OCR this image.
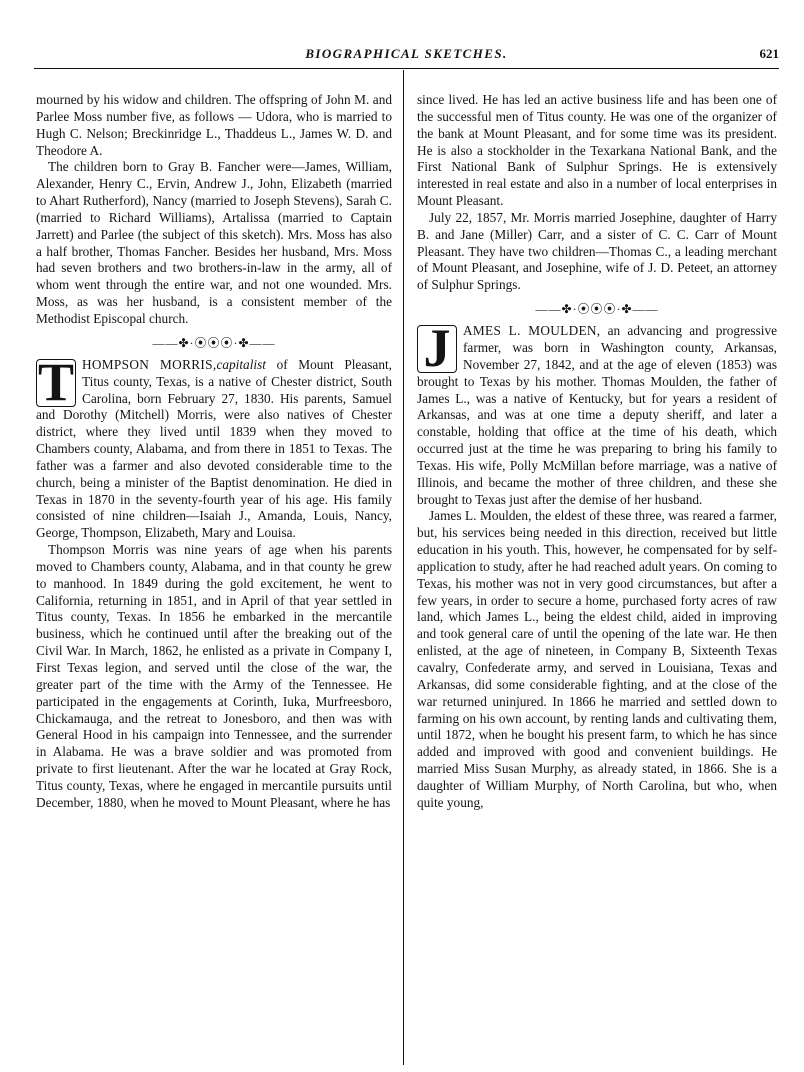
BIOGRAPHICAL SKETCHES.	621

mourned by his widow and children. The offspring of John M. and Parlee Moss number five, as follows — Udora, who is married to Hugh C. Nelson; Breckinridge L., Thaddeus L., James W. D. and Theodore A.

The children born to Gray B. Fancher were—James, William, Alexander, Henry C., Ervin, Andrew J., John, Elizabeth (married to Ahart Rutherford), Nancy (married to Joseph Stevens), Sarah C. (married to Richard Williams), Artalissa (married to Captain Jarrett) and Parlee (the subject of this sketch). Mrs. Moss has also a half brother, Thomas Fancher. Besides her husband, Mrs. Moss had seven brothers and two brothers-in-law in the army, all of whom went through the entire war, and not one wounded. Mrs. Moss, as was her husband, is a consistent member of the Methodist Episcopal church.

——✤·⦿⦿⦿·✤——

T HOMPSON MORRIS,capitalist of Mount Pleasant, Titus county, Texas, is a native of Chester district, South Carolina, born February 27, 1830. His parents, Samuel and Dorothy (Mitchell) Morris, were also natives of Chester district, where they lived until 1839 when they moved to Chambers county, Alabama, and from there in 1851 to Texas. The father was a farmer and also devoted considerable time to the church, being a minister of the Baptist denomination. He died in Texas in 1870 in the seventy-fourth year of his age. His family consisted of nine children—Isaiah J., Amanda, Louis, Nancy, George, Thompson, Elizabeth, Mary and Louisa.

Thompson Morris was nine years of age when his parents moved to Chambers county, Alabama, and in that county he grew to manhood. In 1849 during the gold excitement, he went to California, returning in 1851, and in April of that year settled in Titus county, Texas. In 1856 he embarked in the mercantile business, which he continued until after the breaking out of the Civil War. In March, 1862, he enlisted as a private in Company I, First Texas legion, and served until the close of the war, the greater part of the time with the Army of the Tennessee. He participated in the engagements at Corinth, Iuka, Murfreesboro, Chickamauga, and the retreat to Jonesboro, and then was with General Hood in his campaign into Tennessee, and the surrender in Alabama. He was a brave soldier and was promoted from private to first lieutenant. After the war he located at Gray Rock, Titus county, Texas, where he engaged in mercantile pursuits until December, 1880, when he moved to Mount Pleasant, where he has

since lived. He has led an active business life and has been one of the successful men of Titus county. He was one of the organizer of the bank at Mount Pleasant, and for some time was its president. He is also a stockholder in the Texarkana National Bank, and the First National Bank of Sulphur Springs. He is extensively interested in real estate and also in a number of local enterprises in Mount Pleasant.

July 22, 1857, Mr. Morris married Josephine, daughter of Harry B. and Jane (Miller) Carr, and a sister of C. C. Carr of Mount Pleasant. They have two children—Thomas C., a leading merchant of Mount Pleasant, and Josephine, wife of J. D. Peteet, an attorney of Sulphur Springs.

——✤·⦿⦿⦿·✤——

J AMES L. MOULDEN, an advancing and progressive farmer, was born in Washington county, Arkansas, November 27, 1842, and at the age of eleven (1853) was brought to Texas by his mother. Thomas Moulden, the father of James L., was a native of Kentucky, but for years a resident of Arkansas, and was at one time a deputy sheriff, and later a constable, holding that office at the time of his death, which occurred just at the time he was preparing to bring his family to Texas. His wife, Polly McMillan before marriage, was a native of Illinois, and became the mother of three children, and these she brought to Texas just after the demise of her husband.

James L. Moulden, the eldest of these three, was reared a farmer, but, his services being needed in this direction, received but little education in his youth. This, however, he compensated for by self-application to study, after he had reached adult years. On coming to Texas, his mother was not in very good circumstances, but after a few years, in order to secure a home, purchased forty acres of raw land, which James L., being the eldest child, aided in improving and took general care of until the opening of the late war. He then enlisted, at the age of nineteen, in Company B, Sixteenth Texas cavalry, Confederate army, and served in Louisiana, Texas and Arkansas, did some considerable fighting, and at the close of the war returned uninjured. In 1866 he married and settled down to farming on his own account, by renting lands and cultivating them, until 1872, when he bought his present farm, to which he has since added and improved with good and convenient buildings. He married Miss Susan Murphy, as already stated, in 1866. She is a daughter of William Murphy, of North Carolina, but who, when quite young,
